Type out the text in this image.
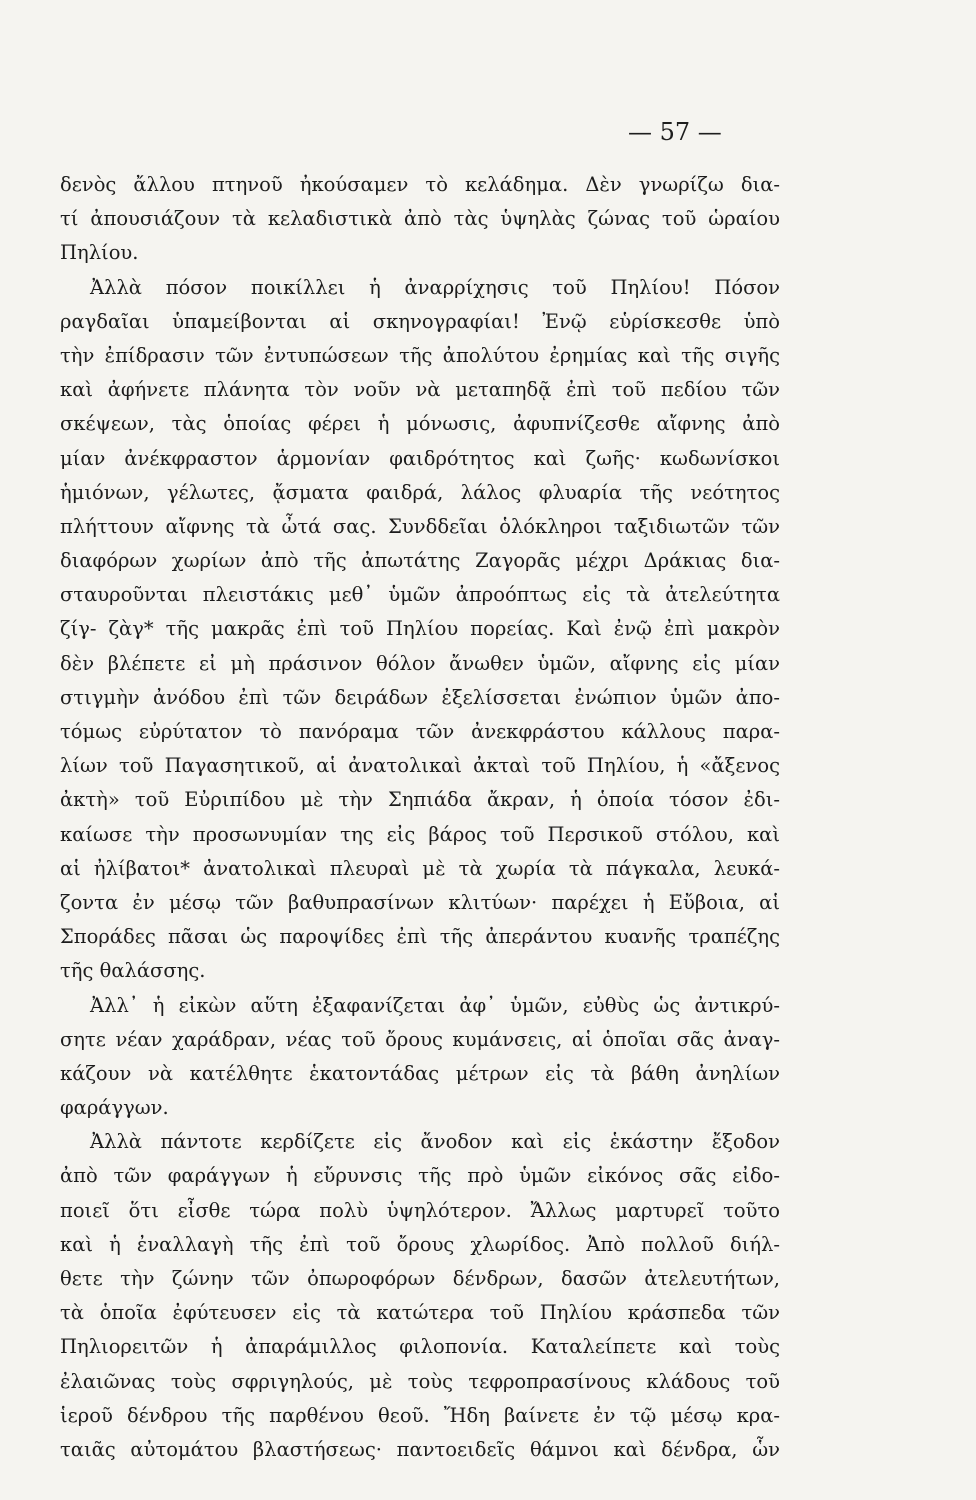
— 57 —
δενὸς ἄλλου πτηνοῦ ἠκούσαμεν τὸ κελάδημα. Δὲν γνωρίζω δια-
τί ἀπουσιάζουν τὰ κελαδιστικὰ ἀπὸ τὰς ὑψηλὰς ζώνας τοῦ ὡραίου
Πηλίου.
Ἀλλὰ πόσον ποικίλλει ἡ ἀναρρίχησις τοῦ Πηλίου! Πόσον
ραγδαῖαι ὑπαμείβονται αἱ σκηνογραφίαι! Ἐνῷ εὑρίσκεσθε ὑπὸ
τὴν ἐπίδρασιν τῶν ἐντυπώσεων τῆς ἀπολύτου ἐρημίας καὶ τῆς σιγῆς
καὶ ἀφήνετε πλάνητα τὸν νοῦν νὰ μεταπηδᾷ ἐπὶ τοῦ πεδίου τῶν
σκέψεων, τὰς ὁποίας φέρει ἡ μόνωσις, ἀφυπνίζεσθε αἴφνης ἀπὸ
μίαν ἀνέκφραστον ἁρμονίαν φαιδρότητος καὶ ζωῆς· κωδωνίσκοι
ἡμιόνων, γέλωτες, ᾄσματα φαιδρά, λάλος φλυαρία τῆς νεότητος
πλήττουν αἴφνης τὰ ὦτά σας. Συνδδεῖαι ὁλόκληροι ταξιδιωτῶν τῶν
διαφόρων χωρίων ἀπὸ τῆς ἀπωτάτης Ζαγορᾶς μέχρι Δράκιας δια-
σταυροῦνται πλειστάκις μεθ᾽ ὑμῶν ἀπροόπτως εἰς τὰ ἀτελεύτητα
ζίγ- ζὰγ* τῆς μακρᾶς ἐπὶ τοῦ Πηλίου πορείας. Καὶ ἐνῷ ἐπὶ μακρὸν
δὲν βλέπετε εἰ μὴ πράσινον θόλον ἄνωθεν ὑμῶν, αἴφνης εἰς μίαν
στιγμὴν ἀνόδου ἐπὶ τῶν δειράδων ἐξελίσσεται ἐνώπιον ὑμῶν ἀπο-
τόμως εὐρύτατον τὸ πανόραμα τῶν ἀνεκφράστου κάλλους παρα-
λίων τοῦ Παγασητικοῦ, αἱ ἀνατολικαὶ ἀκταὶ τοῦ Πηλίου, ἡ «ἄξενος
ἀκτὴ» τοῦ Εὐριπίδου μὲ τὴν Σηπιάδα ἄκραν, ἡ ὁποία τόσον ἐδι-
καίωσε τὴν προσωνυμίαν της εἰς βάρος τοῦ Περσικοῦ στόλου, καὶ
αἱ ἠλίβατοι* ἀνατολικαὶ πλευραὶ μὲ τὰ χωρία τὰ πάγκαλα, λευκά-
ζοντα ἐν μέσῳ τῶν βαθυπρασίνων κλιτύων· παρέχει ἡ Εὔβοια, αἱ
Σποράδες πᾶσαι ὡς παροψίδες ἐπὶ τῆς ἀπεράντου κυανῆς τραπέζης
τῆς θαλάσσης.
Ἀλλ᾽ ἡ εἰκὼν αὕτη ἐξαφανίζεται ἀφ᾽ ὑμῶν, εὐθὺς ὡς ἀντικρύ-
σητε νέαν χαράδραν, νέας τοῦ ὄρους κυμάνσεις, αἱ ὁποῖαι σᾶς ἀναγ-
κάζουν νὰ κατέλθητε ἑκατοντάδας μέτρων εἰς τὰ βάθη ἀνηλίων
φαράγγων.
Ἀλλὰ πάντοτε κερδίζετε εἰς ἄνοδον καὶ εἰς ἑκάστην ἔξοδον
ἀπὸ τῶν φαράγγων ἡ εὔρυνσις τῆς πρὸ ὑμῶν εἰκόνος σᾶς εἰδο-
ποιεῖ ὅτι εἶσθε τώρα πολὺ ὑψηλότερον. Ἄλλως μαρτυρεῖ τοῦτο
καὶ ἡ ἐναλλαγὴ τῆς ἐπὶ τοῦ ὄρους χλωρίδος. Ἀπὸ πολλοῦ διήλ-
θετε τὴν ζώνην τῶν ὀπωροφόρων δένδρων, δασῶν ἀτελευτήτων,
τὰ ὁποῖα ἐφύτευσεν εἰς τὰ κατώτερα τοῦ Πηλίου κράσπεδα τῶν
Πηλιορειτῶν ἡ ἀπαράμιλλος φιλοπονία. Καταλείπετε καὶ τοὺς
ἐλαιῶνας τοὺς σφριγηλούς, μὲ τοὺς τεφροπρασίνους κλάδους τοῦ
ἱεροῦ δένδρου τῆς παρθένου θεοῦ. Ἤδη βαίνετε ἐν τῷ μέσῳ κρα-
ταιᾶς αὐτομάτου βλαστήσεως· παντοειδεῖς θάμνοι καὶ δένδρα, ὧν
